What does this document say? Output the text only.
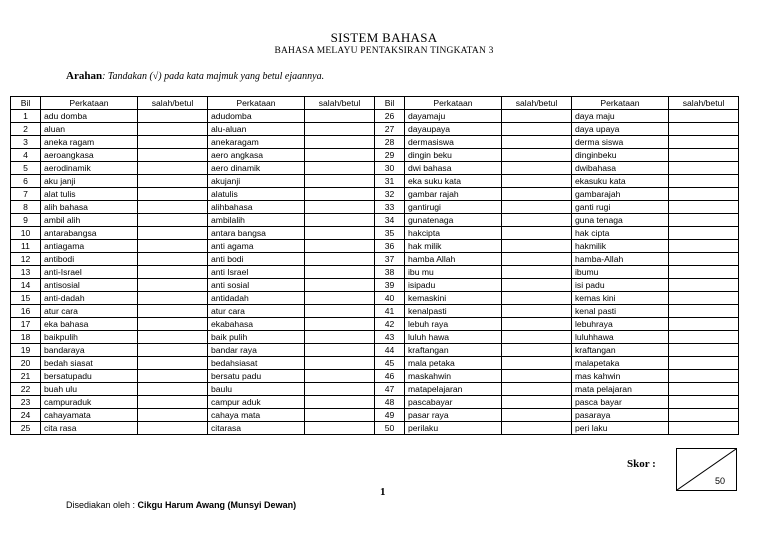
SISTEM BAHASA
BAHASA MELAYU PENTAKSIRAN TINGKATAN 3
Arahan: Tandakan (√) pada kata majmuk yang betul ejaannya.
Bil	Perkataan	salah/betul	Perkataan	salah/betul	Bil	Perkataan	salah/betul	Perkataan	salah/betul
1	adu domba		adudomba		26	dayamaju		daya maju	
2	aluan		alu-aluan		27	dayaupaya		daya upaya	
3	aneka ragam		anekaragam		28	dermasiswa		derma siswa	
4	aeroangkasa		aero angkasa		29	dingin beku		dinginbeku	
5	aerodinamik		aero dinamik		30	dwi bahasa		dwibahasa	
6	aku janji		akujanji		31	eka suku kata		ekasuku kata	
7	alat tulis		alatulis		32	gambar rajah		gambarajah	
8	alih bahasa		alihbahasa		33	gantirugi		ganti rugi	
9	ambil alih		ambilalih		34	gunatenaga		guna tenaga	
10	antarabangsa		antara bangsa		35	hakcipta		hak cipta	
11	antiagama		anti agama		36	hak milik		hakmilik	
12	antibodi		anti bodi		37	hamba Allah		hamba-Allah	
13	anti-Israel		anti Israel		38	ibu mu		ibumu	
14	antisosial		anti sosial		39	isipadu		isi padu	
15	anti-dadah		antidadah		40	kemaskini		kemas kini	
16	atur cara		atur cara		41	kenalpasti		kenal pasti	
17	eka bahasa		ekabahasa		42	lebuh raya		lebuhraya	
18	baikpulih		baik pulih		43	luluh hawa		luluhhawa	
19	bandaraya		bandar raya		44	kraftangan		kraftangan	
20	bedah siasat		bedahsiasat		45	mala petaka		malapetaka	
21	bersatupadu		bersatu padu		46	maskahwin		mas kahwin	
22	buah ulu		baulu		47	matapelajaran		mata pelajaran	
23	campuraduk		campur aduk		48	pascabayar		pasca bayar	
24	cahayamata		cahaya mata		49	pasar raya		pasaraya	
25	cita rasa		citarasa		50	perilaku		peri laku	
Skor :
50
1
Disediakan oleh : Cikgu Harum Awang (Munsyi Dewan)
